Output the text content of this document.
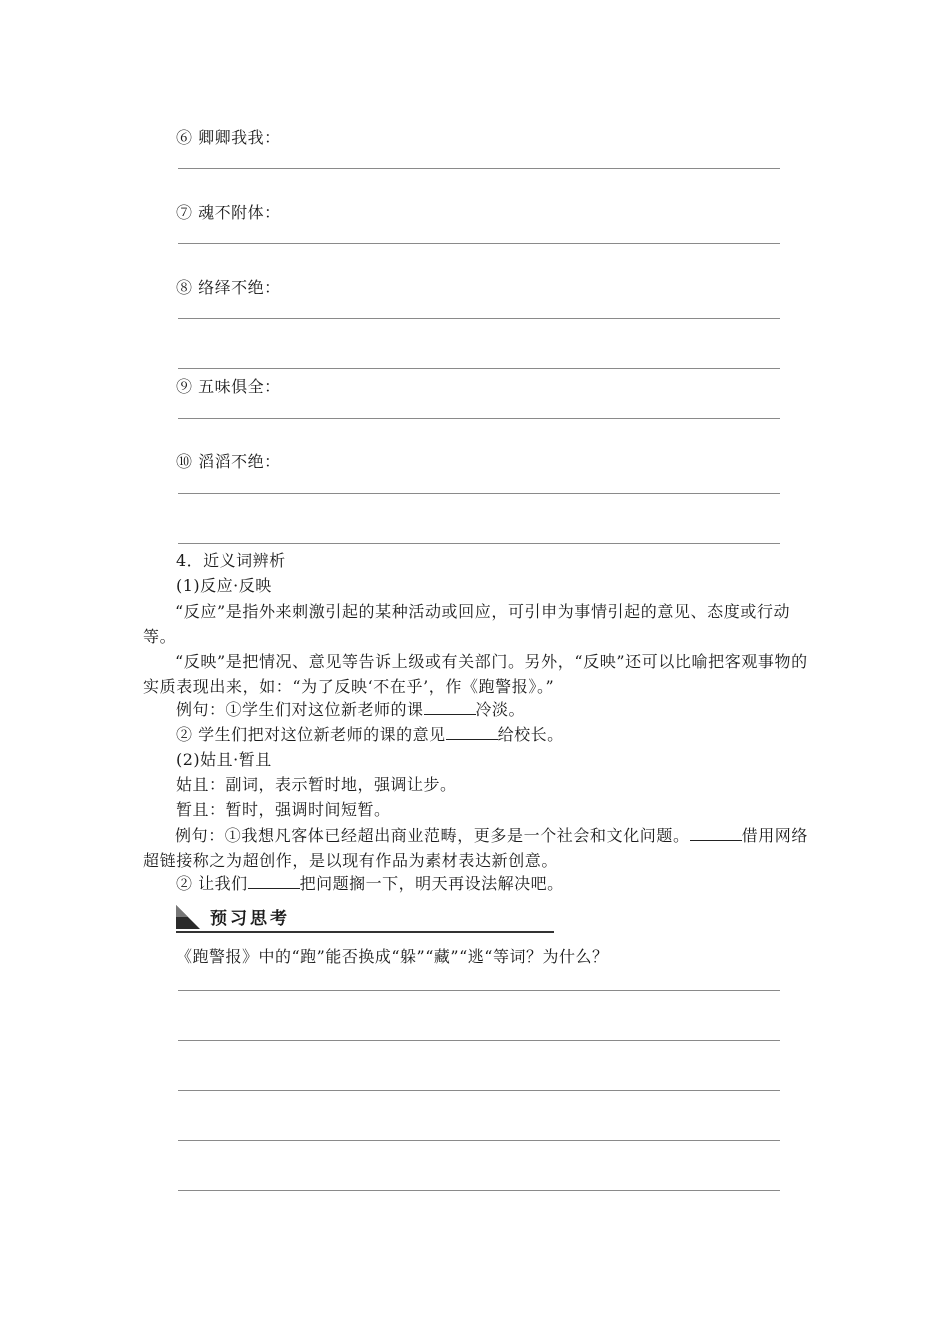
⑥ 卿卿我我：
⑦ 魂不附体：
⑧ 络绎不绝：
⑨ 五味俱全：
⑩ 滔滔不绝：
4．近义词辨析
(1)反应·反映
“反应”是指外来刺激引起的某种活动或回应，可引申为事情引起的意见、态度或行动等。
“反映”是把情况、意见等告诉上级或有关部门。另外，“反映”还可以比喻把客观事物的实质表现出来，如：“为了反映‘不在乎’，作《跑警报》。”
例句：①学生们对这位新老师的课	冷淡。
② 学生们把对这位新老师的课的意见	给校长。
(2)姑且·暂且
姑且：副词，表示暂时地，强调让步。
暂且：暂时，强调时间短暂。
例句：①我想凡客体已经超出商业范畴，更多是一个社会和文化问题。	借用网络超链接称之为超创作，是以现有作品为素材表达新创意。
② 让我们	把问题搁一下，明天再设法解决吧。
预习思考
《跑警报》中的“跑”能否换成“躲”“藏”“逃“等词？为什么？
